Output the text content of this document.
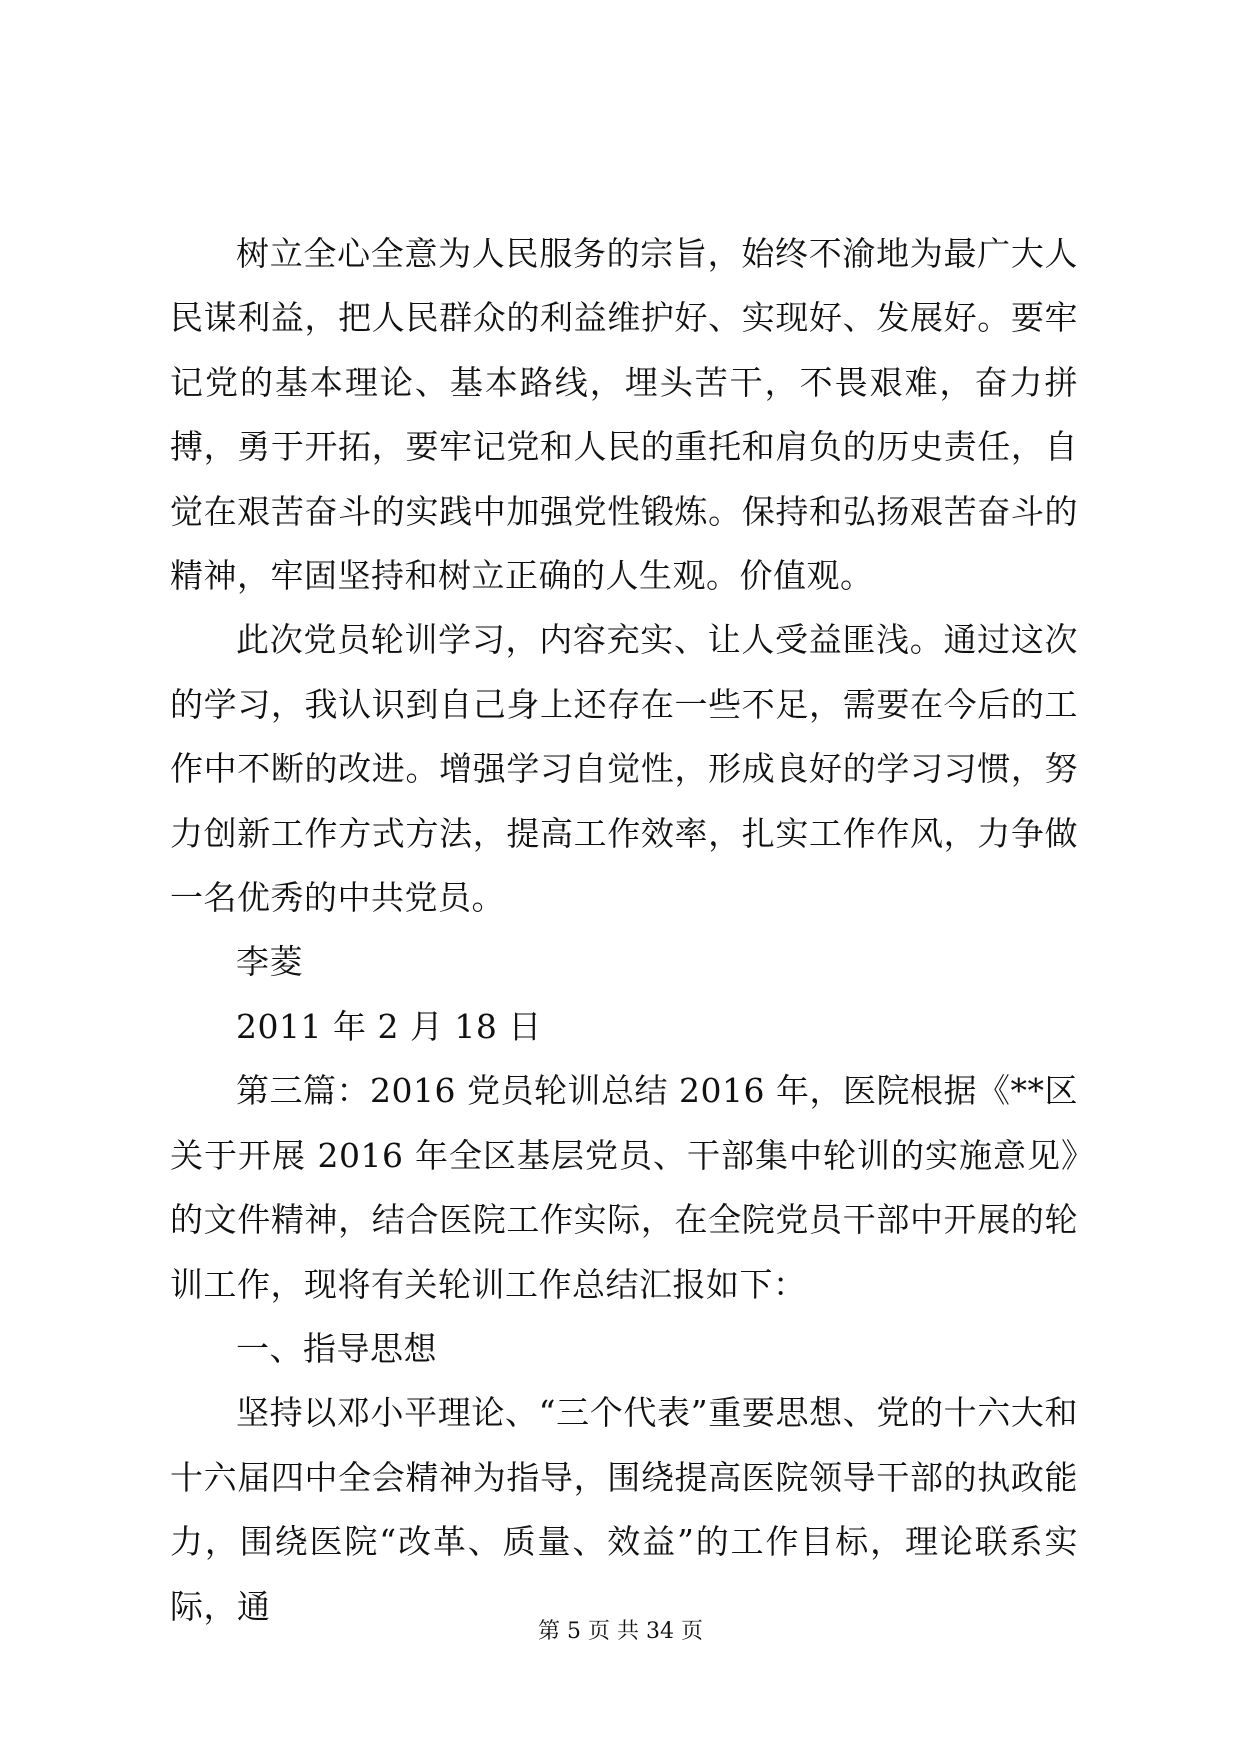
树立全心全意为人民服务的宗旨，始终不渝地为最广大人民谋利益，把人民群众的利益维护好、实现好、发展好。要牢记党的基本理论、基本路线，埋头苦干，不畏艰难，奋力拼搏，勇于开拓，要牢记党和人民的重托和肩负的历史责任，自觉在艰苦奋斗的实践中加强党性锻炼。保持和弘扬艰苦奋斗的精神，牢固坚持和树立正确的人生观。价值观。

此次党员轮训学习，内容充实、让人受益匪浅。通过这次的学习，我认识到自己身上还存在一些不足，需要在今后的工作中不断的改进。增强学习自觉性，形成良好的学习习惯，努力创新工作方式方法，提高工作效率，扎实工作作风，力争做一名优秀的中共党员。

李菱

2011 年 2 月 18 日

第三篇：2016 党员轮训总结 2016 年，医院根据《**区关于开展 2016 年全区基层党员、干部集中轮训的实施意见》的文件精神，结合医院工作实际，在全院党员干部中开展的轮训工作，现将有关轮训工作总结汇报如下：

一、指导思想

坚持以邓小平理论、“三个代表”重要思想、党的十六大和十六届四中全会精神为指导，围绕提高医院领导干部的执政能力，围绕医院“改革、质量、效益”的工作目标，理论联系实际，通

第 5 页 共 34 页
